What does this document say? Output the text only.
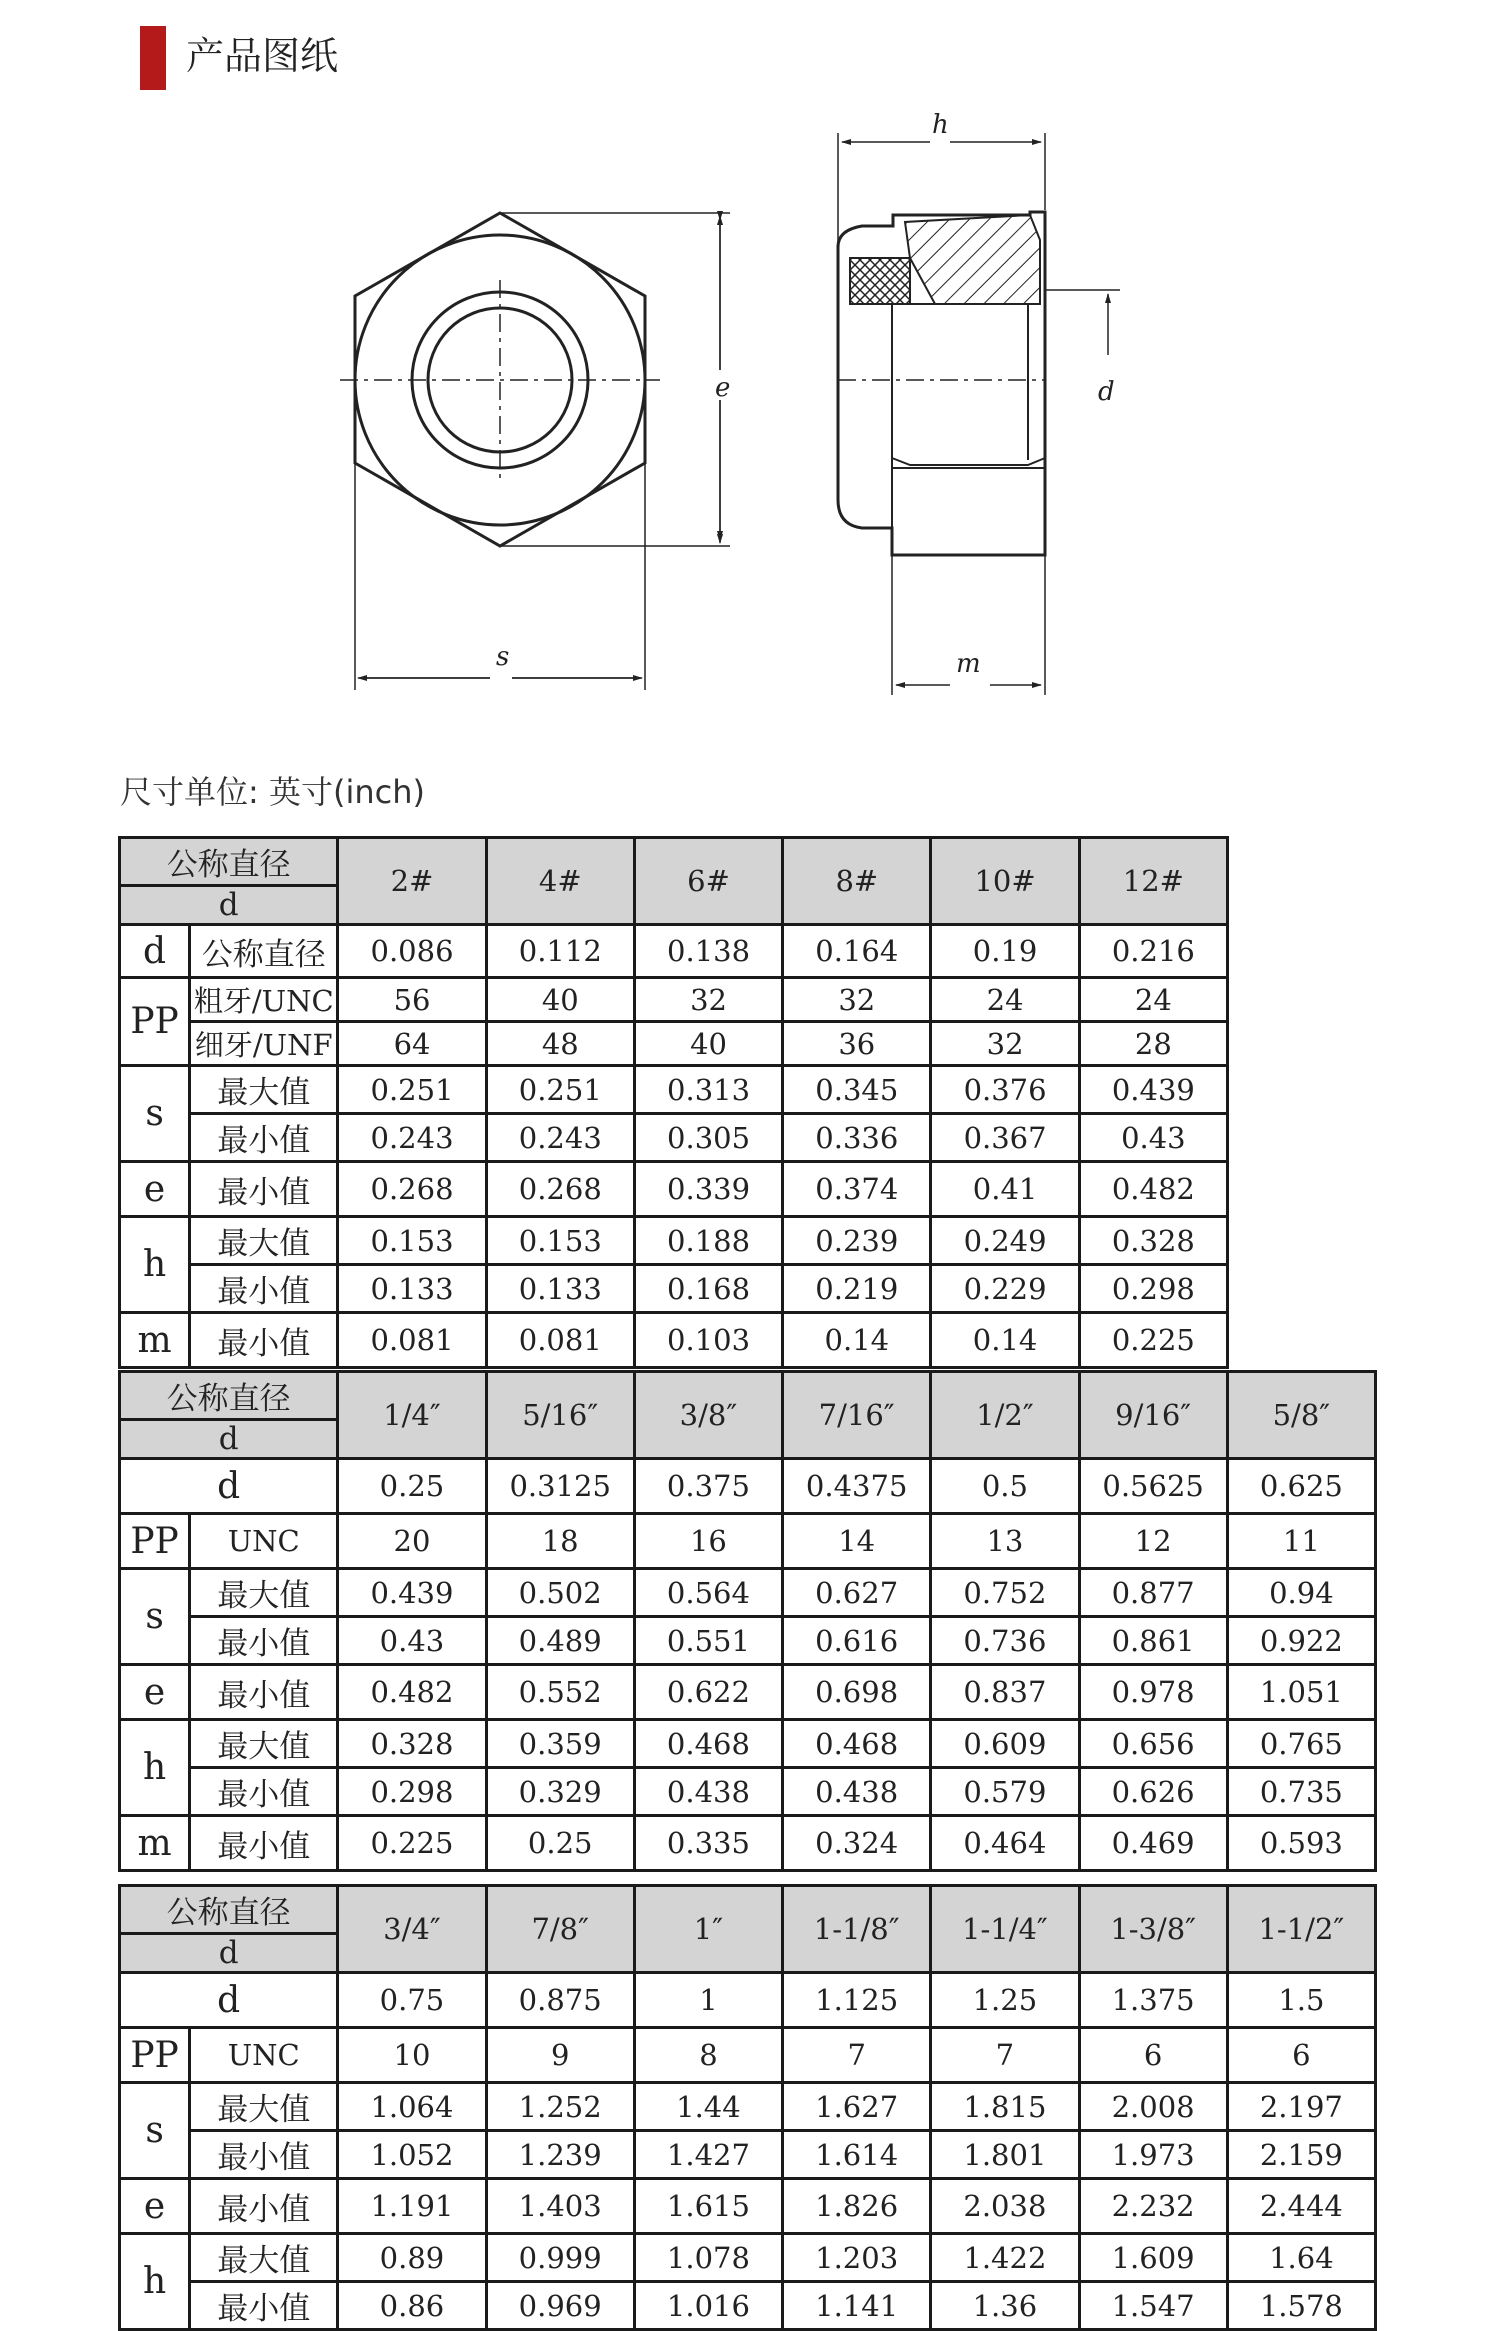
产品图纸
e
s
h
d
m
尺寸单位: 英寸(inch)
公称直径		2#	4#	6#	8#	10#	12#
d							
d	公称直径	0.086	0.112	0.138	0.164	0.19	0.216
PP	粗牙/UNC	56	40	32	32	24	24
	细牙/UNF	64	48	40	36	32	28
s	最大值	0.251	0.251	0.313	0.345	0.376	0.439
	最小值	0.243	0.243	0.305	0.336	0.367	0.43
e	最小值	0.268	0.268	0.339	0.374	0.41	0.482
h	最大值	0.153	0.153	0.188	0.239	0.249	0.328
	最小值	0.133	0.133	0.168	0.219	0.229	0.298
m	最小值	0.081	0.081	0.103	0.14	0.14	0.225
公称直径		1/4″	5/16″	3/8″	7/16″	1/2″	9/16″	5/8″
d								
d		0.25	0.3125	0.375	0.4375	0.5	0.5625	0.625
PP	UNC	20	18	16	14	13	12	11
s	最大值	0.439	0.502	0.564	0.627	0.752	0.877	0.94
	最小值	0.43	0.489	0.551	0.616	0.736	0.861	0.922
e	最小值	0.482	0.552	0.622	0.698	0.837	0.978	1.051
h	最大值	0.328	0.359	0.468	0.468	0.609	0.656	0.765
	最小值	0.298	0.329	0.438	0.438	0.579	0.626	0.735
m	最小值	0.225	0.25	0.335	0.324	0.464	0.469	0.593
公称直径		3/4″	7/8″	1″	1-1/8″	1-1/4″	1-3/8″	1-1/2″
d								
d		0.75	0.875	1	1.125	1.25	1.375	1.5
PP	UNC	10	9	8	7	7	6	6
s	最大值	1.064	1.252	1.44	1.627	1.815	2.008	2.197
	最小值	1.052	1.239	1.427	1.614	1.801	1.973	2.159
e	最小值	1.191	1.403	1.615	1.826	2.038	2.232	2.444
h	最大值	0.89	0.999	1.078	1.203	1.422	1.609	1.64
	最小值	0.86	0.969	1.016	1.141	1.36	1.547	1.578
